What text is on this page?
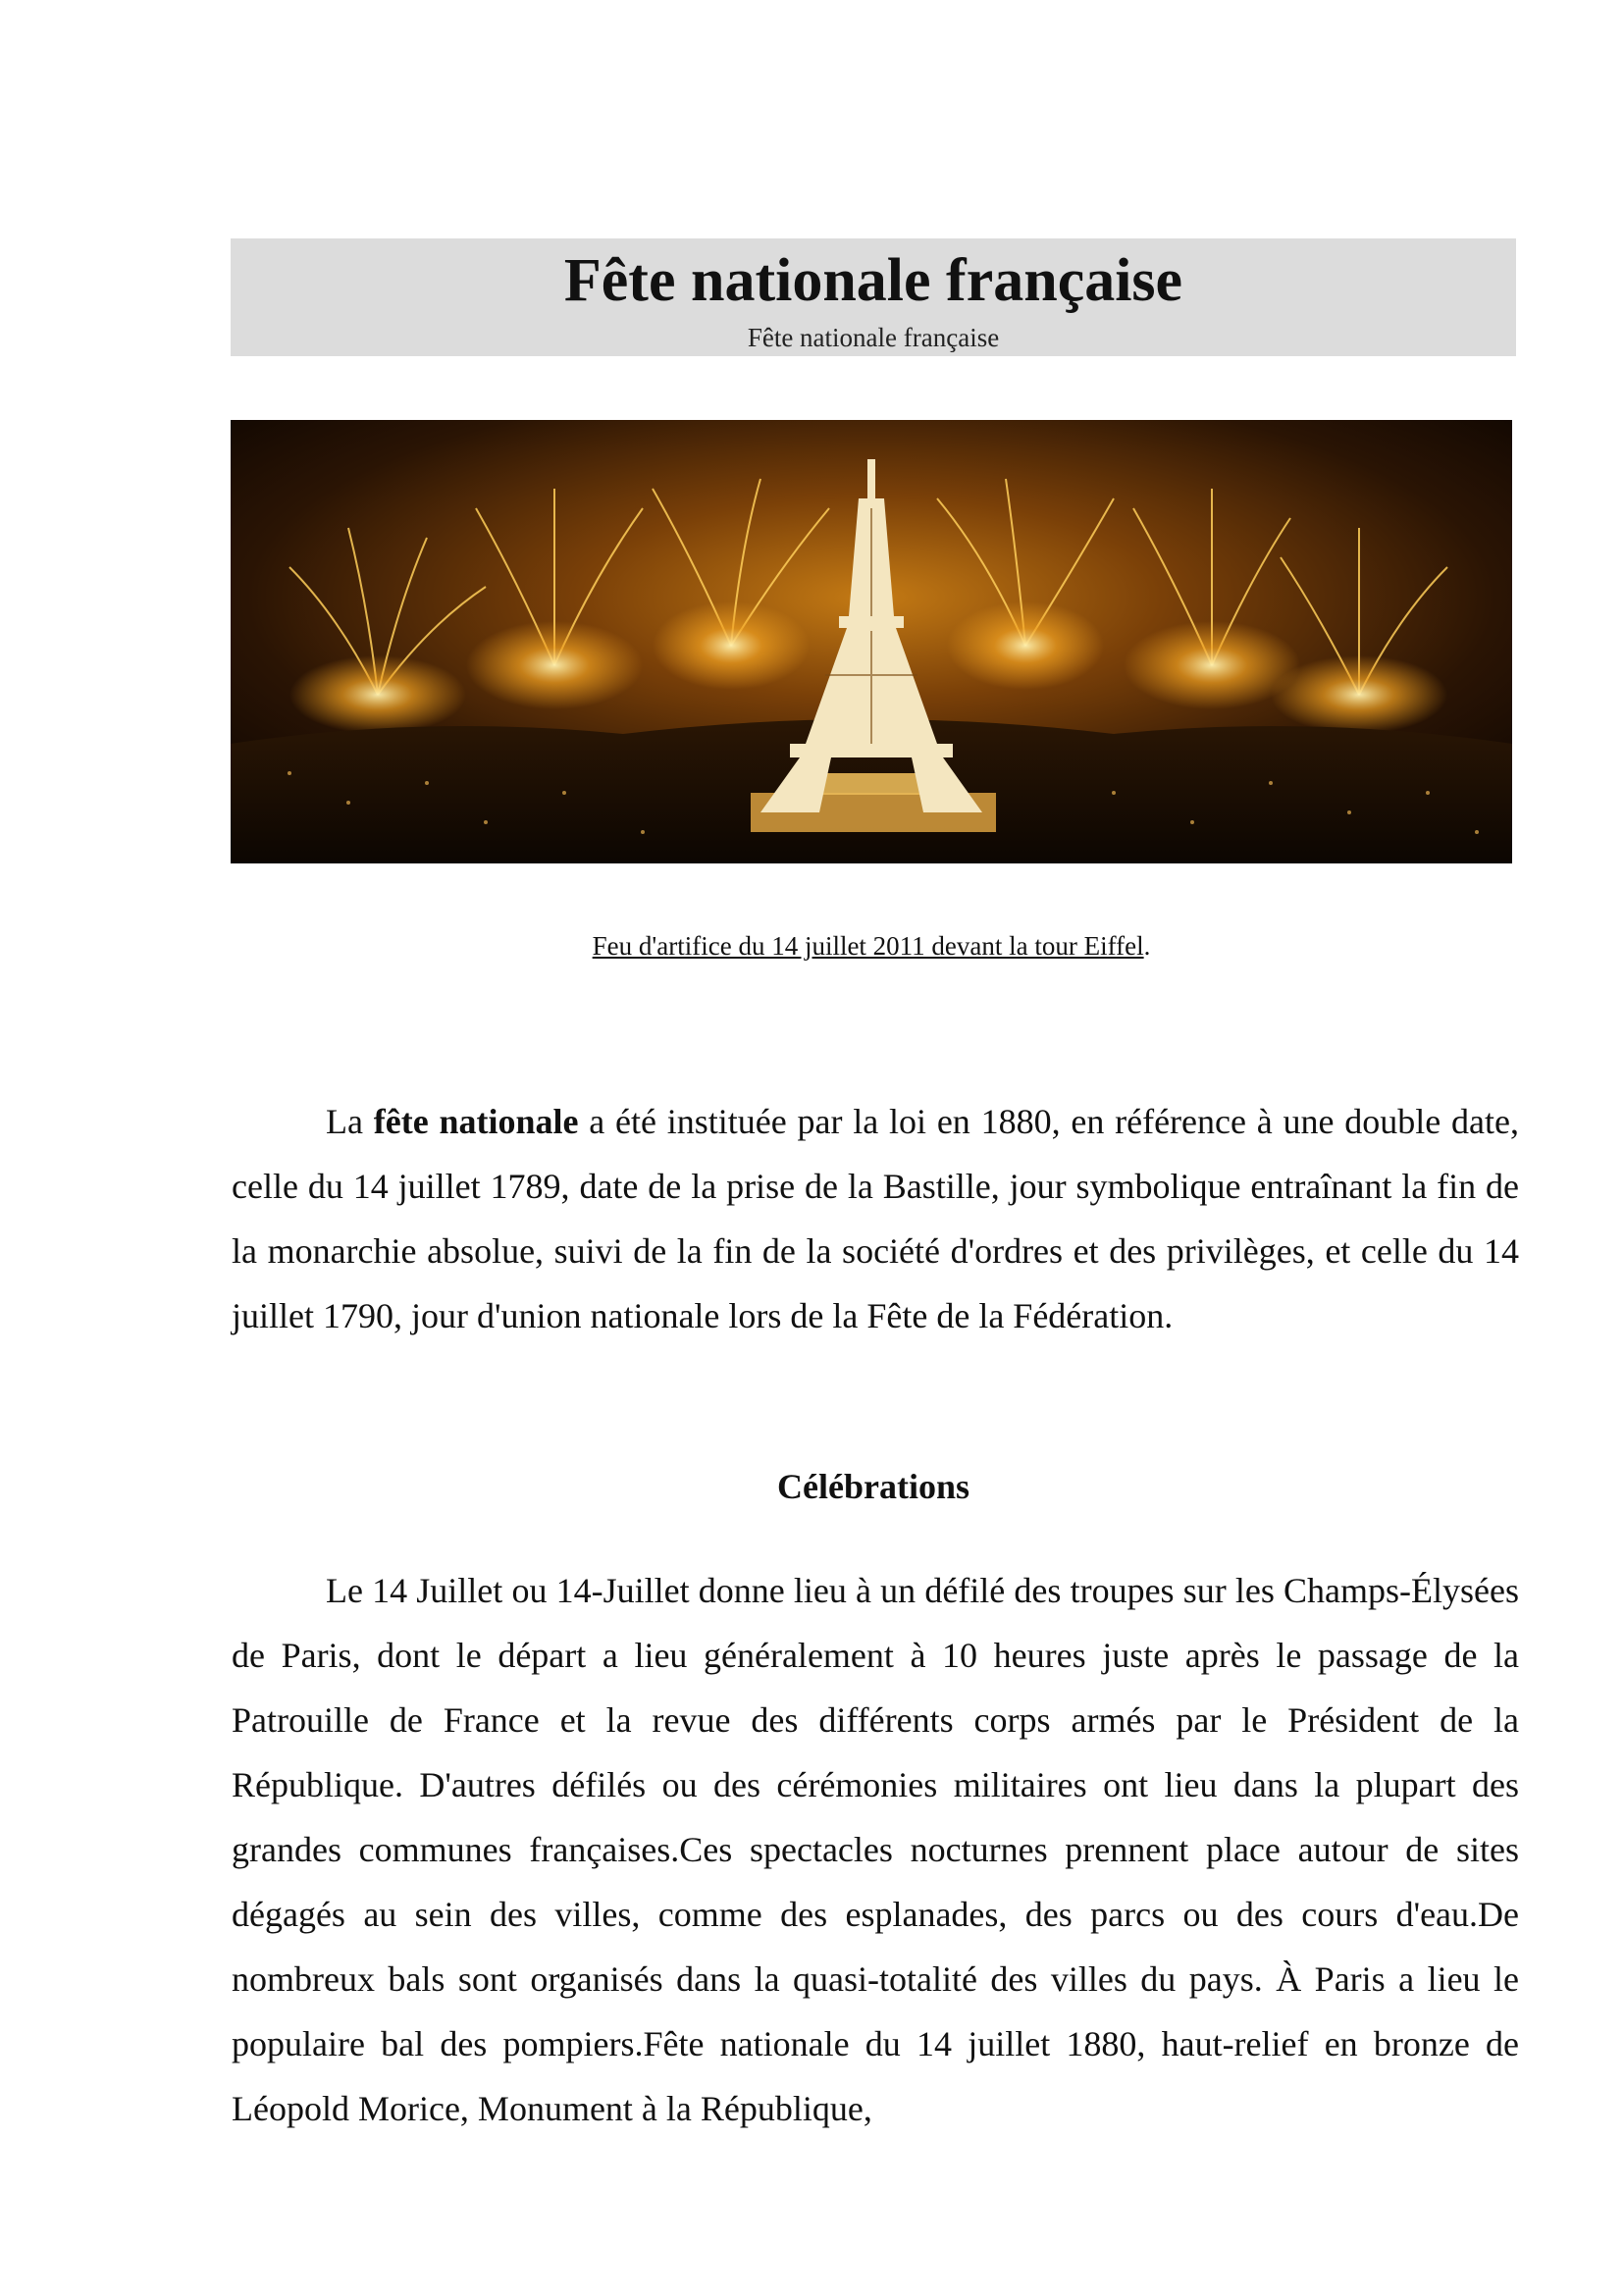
Fête nationale française
Fête nationale française
Feu d'artifice du 14 juillet 2011 devant la tour Eiffel.
La fête nationale a été instituée par la loi en 1880, en référence à une double date, celle du 14 juillet 1789, date de la prise de la Bastille, jour symbolique entraînant la fin de la monarchie absolue, suivi de la fin de la société d'ordres et des privilèges, et celle du 14 juillet 1790, jour d'union nationale lors de la Fête de la Fédération.
Célébrations
Le 14 Juillet ou 14-Juillet donne lieu à un défilé des troupes sur les Champs-Élysées de Paris, dont le départ a lieu généralement à 10 heures juste après le passage de la Patrouille de France et la revue des différents corps armés par le Président de la République. D'autres défilés ou des cérémonies militaires ont lieu dans la plupart des grandes communes françaises.Ces spectacles nocturnes prennent place autour de sites dégagés au sein des villes, comme des esplanades, des parcs ou des cours d'eau.De nombreux bals sont organisés dans la quasi-totalité des villes du pays. À Paris a lieu le populaire bal des pompiers.Fête nationale du 14 juillet 1880, haut-relief en bronze de Léopold Morice, Monument à la République,
